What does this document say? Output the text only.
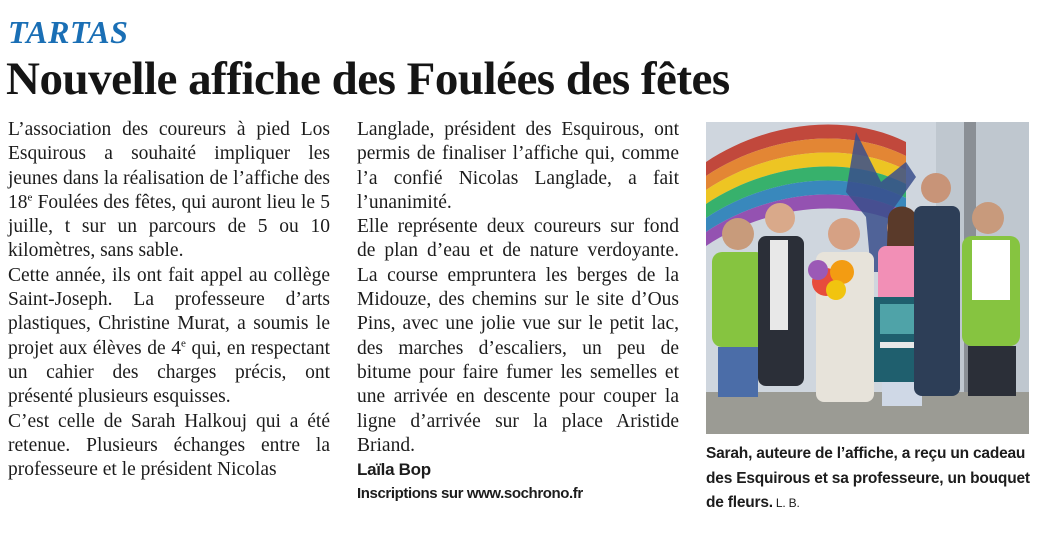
TARTAS
Nouvelle affiche des Foulées des fêtes

L’association des coureurs à pied Los Esquirous a souhaité impliquer les jeunes dans la réalisation de l’affiche des 18e Foulées des fêtes, qui auront lieu le 5 juille, t sur un parcours de 5 ou 10 kilomètres, sans sable.

Cette année, ils ont fait appel au collège Saint-Joseph. La professeure d’arts plastiques, Christine Murat, a soumis le projet aux élèves de 4e qui, en respectant un cahier des charges précis, ont présenté plusieurs esquisses.

C’est celle de Sarah Halkouj qui a été retenue. Plusieurs échanges entre la professeure et le président Nicolas

Langlade, président des Esquirous, ont permis de finaliser l’affiche qui, comme l’a confié Nicolas Langlade, a fait l’unanimité.

Elle représente deux coureurs sur fond de plan d’eau et de nature verdoyante. La course empruntera les berges de la Midouze, des chemins sur le site d’Ous Pins, avec une jolie vue sur le petit lac, des marches d’escaliers, un peu de bitume pour faire fumer les semelles et une arrivée en descente pour couper la ligne d’arrivée sur la place Aristide Briand.

Laïla Bop
Inscriptions sur www.sochrono.fr
Sarah, auteure de l’affiche, a reçu un cadeau des Esquirous et sa professeure, un bouquet de fleurs. L. B.
